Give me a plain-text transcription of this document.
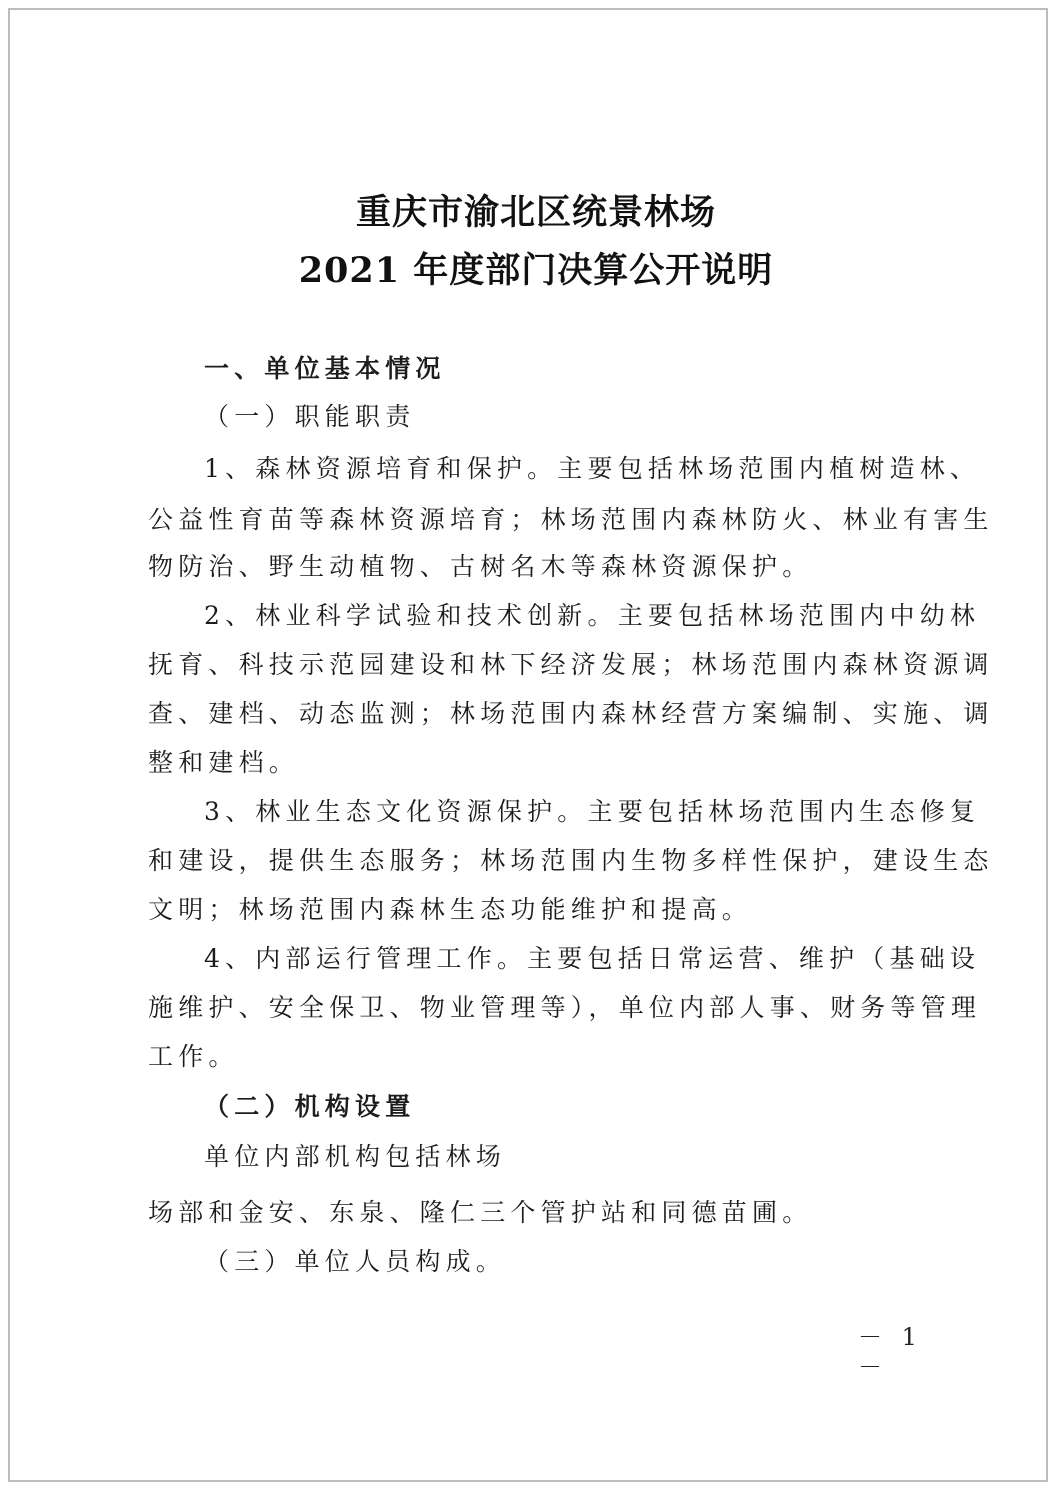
重庆市渝北区统景林场
2021 年度部门决算公开说明
一、单位基本情况
（一）职能职责
1、森林资源培育和保护。主要包括林场范围内植树造林、
公益性育苗等森林资源培育；林场范围内森林防火、林业有害生
物防治、野生动植物、古树名木等森林资源保护。
2、林业科学试验和技术创新。主要包括林场范围内中幼林
抚育、科技示范园建设和林下经济发展；林场范围内森林资源调
查、建档、动态监测；林场范围内森林经营方案编制、实施、调
整和建档。
3、林业生态文化资源保护。主要包括林场范围内生态修复
和建设，提供生态服务；林场范围内生物多样性保护，建设生态
文明；林场范围内森林生态功能维护和提高。
4、内部运行管理工作。主要包括日常运营、维护（基础设
施维护、安全保卫、物业管理等），单位内部人事、财务等管理
工作。
（二）机构设置
单位内部机构包括林场
场部和金安、东泉、隆仁三个管护站和同德苗圃。
（三）单位人员构成。
－ 1 －
